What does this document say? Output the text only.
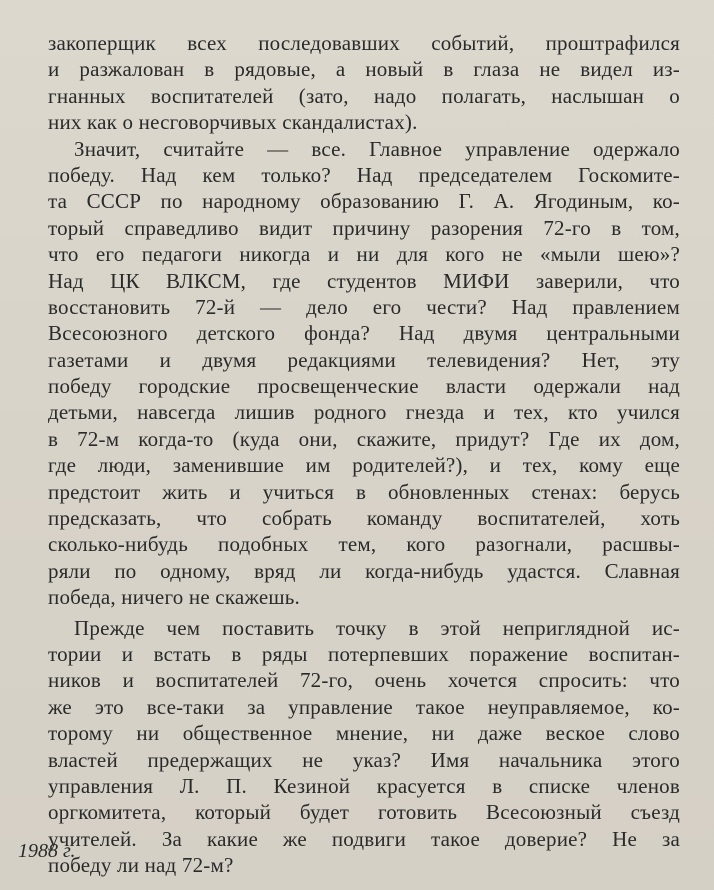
закоперщик всех последовавших событий, проштрафился
и разжалован в рядовые, а новый в глаза не видел из-
гнанных воспитателей (зато, надо полагать, наслышан о
них как о несговорчивых скандалистах).
Значит, считайте — все. Главное управление одержало
победу. Над кем только? Над председателем Госкомите-
та СССР по народному образованию Г. А. Ягодиным, ко-
торый справедливо видит причину разорения 72-го в том,
что его педагоги никогда и ни для кого не «мыли шею»?
Над ЦК ВЛКСМ, где студентов МИФИ заверили, что
восстановить 72-й — дело его чести? Над правлением
Всесоюзного детского фонда? Над двумя центральными
газетами и двумя редакциями телевидения? Нет, эту
победу городские просвещенческие власти одержали над
детьми, навсегда лишив родного гнезда и тех, кто учился
в 72-м когда-то (куда они, скажите, придут? Где их дом,
где люди, заменившие им родителей?), и тех, кому еще
предстоит жить и учиться в обновленных стенах: берусь
предсказать, что собрать команду воспитателей, хоть
сколько-нибудь подобных тем, кого разогнали, расшвы-
ряли по одному, вряд ли когда-нибудь удастся. Славная
победа, ничего не скажешь.
Прежде чем поставить точку в этой неприглядной ис-
тории и встать в ряды потерпевших поражение воспитан-
ников и воспитателей 72-го, очень хочется спросить: что
же это все-таки за управление такое неуправляемое, ко-
торому ни общественное мнение, ни даже веское слово
властей предержащих не указ? Имя начальника этого
управления Л. П. Кезиной красуется в списке членов
оргкомитета, который будет готовить Всесоюзный съезд
учителей. За какие же подвиги такое доверие? Не за
победу ли над 72-м?
1988 г.
